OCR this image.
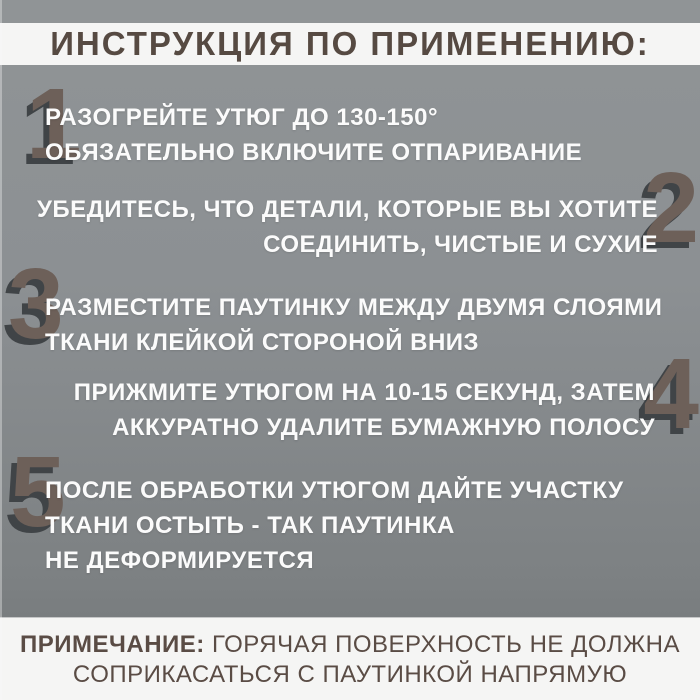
ИНСТРУКЦИЯ ПО ПРИМЕНЕНИЮ:
1
РАЗОГРЕЙТЕ УТЮГ ДО 130-150°
ОБЯЗАТЕЛЬНО ВКЛЮЧИТЕ ОТПАРИВАНИЕ 2
УБЕДИТЕСЬ, ЧТО ДЕТАЛИ, КОТОРЫЕ ВЫ ХОТИТЕ
СОЕДИНИТЬ, ЧИСТЫЕ И СУХИЕ
3
РАЗМЕСТИТЕ ПАУТИНКУ МЕЖДУ ДВУМЯ СЛОЯМИ
ТКАНИ КЛЕЙКОЙ СТОРОНОЙ ВНИЗ	4
ПРИЖМИТЕ УТЮГОМ НА 10-15 СЕКУНД, ЗАТЕМ
АККУРАТНО УДАЛИТЕ БУМАЖНУЮ ПОЛОСУ
5
ПОСЛЕ ОБРАБОТКИ УТЮГОМ ДАЙТЕ УЧАСТКУ
ТКАНИ ОСТЫТЬ - ТАК ПАУТИНКА
НЕ ДЕФОРМИРУЕТСЯ

ПРИМЕЧАНИЕ: ГОРЯЧАЯ ПОВЕРХНОСТЬ НЕ ДОЛЖНА

СОПРИКАСАТЬСЯ С ПАУТИНКОЙ НАПРЯМУЮ
